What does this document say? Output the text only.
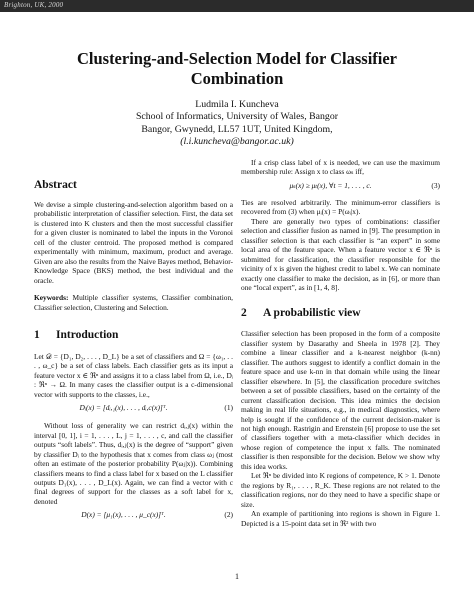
Brighton, UK, 2000

Clustering-and-Selection Model for Classifier

Combination

Ludmila I. Kuncheva
School of Informatics, University of Wales, Bangor
Bangor, Gwynedd, LL57 1UT, United Kingdom,
(l.i.kuncheva@bangor.ac.uk)
Abstract

We devise a simple clustering-and-selection algorithm based on a probabilistic interpretation of classifier selection. First, the data set is clustered into K clusters and then the most successful classifier for a given cluster is nominated to label the inputs in the Voronoi cell of the cluster centroid. The proposed method is compared experimentally with minimum, maximum, product and average. Given are also the results from the Naive Bayes method, Behavior-Knowledge Space (BKS) method, the best individual and the oracle.

Keywords: Multiple classifier systems, Classifier combination, Classifier selection, Clustering and Selection.

1 Introduction

Let 𝒟 = {D₁, D₂, . . . , D_L} be a set of classifiers and Ω = {ω₁, . . . , ω_c} be a set of class labels. Each classifier gets as its input a feature vector x ∈ ℜⁿ and assigns it to a class label from Ω, i.e., Dᵢ : ℜⁿ → Ω. In many cases the classifier output is a c-dimensional vector with supports to the classes, i.e.,

Dᵢ(x) = [dᵢ,₁(x), . . . , dᵢ,c(x)]ᵀ.	(1)

Without loss of generality we can restrict dᵢ,ⱼ(x) within the interval [0, 1], i = 1, . . . , L, j = 1, . . . , c, and call the classifier outputs “soft labels”. Thus, dᵢ,ⱼ(x) is the degree of “support” given by classifier Dᵢ to the hypothesis that x comes from class ωⱼ (most often an estimate of the posterior probability P(ωⱼ|x)). Combining classifiers means to find a class label for x based on the L classifier outputs D₁(x), . . . , D_L(x). Again, we can find a vector with c final degrees of support for the classes as a soft label for x, denoted

D(x) = [μ₁(x), . . . , μ_c(x)]ᵀ.	(2)

If a crisp class label of x is needed, we can use the maximum membership rule: Assign x to class ωₛ iff,

μₛ(x) ≥ μₜ(x), ∀t = 1, . . . , c.	(3)

Ties are resolved arbitrarily. The minimum-error classifiers is recovered from (3) when μᵢ(x) = P(ωᵢ|x).

There are generally two types of combinations: classifier selection and classifier fusion as named in [9]. The presumption in classifier selection is that each classifier is “an expert” in some local area of the feature space. When a feature vector x ∈ ℜⁿ is submitted for classification, the classifier responsible for the vicinity of x is given the highest credit to label x. We can nominate exactly one classifier to make the decision, as in [6], or more than one “local expert”, as in [1, 4, 8].

2 A probabilistic view

Classifier selection has been proposed in the form of a composite classifier system by Dasarathy and Sheela in 1978 [2]. They combine a linear classifier and a k-nearest neighbor (k-nn) classifier. The authors suggest to identify a conflict domain in the feature space and use k-nn in that domain while using the linear classifier elsewhere. In [5], the classification procedure switches between a set of possible classifiers, based on the certainty of the current classification decision. This idea mimics the decision making in real life situations, e.g., in medical diagnostics, where help is sought if the confidence of the current decision-maker is not high enough. Rastrigin and Erenstein [6] propose to use the set of classifiers together with a meta-classifier which decides in whose region of competence the input x falls. The nominated classifier is then responsible for the decision. Below we show why this idea works.

Let ℜⁿ be divided into K regions of competence, K > 1. Denote the regions by R₁, . . . , R_K. These regions are not related to the classification regions, nor do they need to have a specific shape or size.

An example of partitioning into regions is shown in Figure 1. Depicted is a 15-point data set in ℜ² with two

1
